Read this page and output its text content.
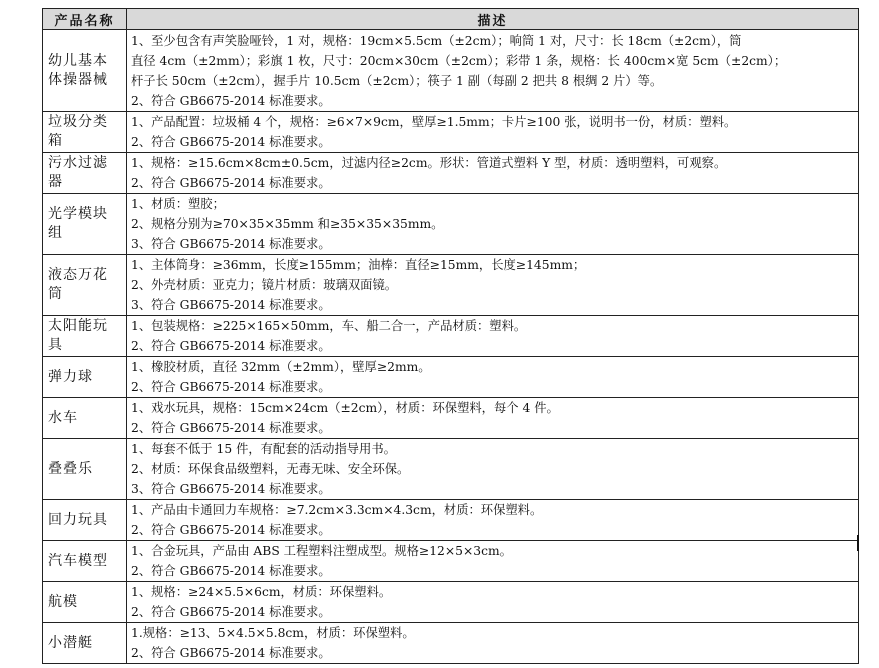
产品名称	描述
幼儿基本
体操器械	1、至少包含有声笑脸哑铃，1 对，规格：19cm×5.5cm（±2cm）；响筒 1 对，尺寸：长 18cm（±2cm），筒
直径 4cm（±2mm）；彩旗 1 枚，尺寸：20cm×30cm（±2cm）；彩带 1 条，规格：长 400cm×宽 5cm（±2cm）；
杆子长 50cm（±2cm），握手片 10.5cm（±2cm）；筷子 1 副（每副 2 把共 8 根绸 2 片）等。
2、符合 GB6675-2014 标准要求。

垃圾分类
箱	1、产品配置：垃圾桶 4 个，规格：≥6×7×9cm，壁厚≥1.5mm；卡片≥100 张，说明书一份，材质：塑料。
2、符合 GB6675-2014 标准要求。

污水过滤
器	1、规格：≥15.6cm×8cm±0.5cm，过滤内径≥2cm。形状：管道式塑料 Y 型，材质：透明塑料，可观察。
2、符合 GB6675-2014 标准要求。

光学模块
组	1、材质：塑胶；
2、规格分别为≥70×35×35mm 和≥35×35×35mm。
3、符合 GB6675-2014 标准要求。

液态万花
筒	1、主体筒身：≥36mm，长度≥155mm；油棒：直径≥15mm，长度≥145mm；
2、外壳材质：亚克力；镜片材质：玻璃双面镜。
3、符合 GB6675-2014 标准要求。

太阳能玩
具	1、包装规格：≥225×165×50mm，车、船二合一，产品材质：塑料。
2、符合 GB6675-2014 标准要求。

弹力球	1、橡胶材质，直径 32mm（±2mm），壁厚≥2mm。
2、符合 GB6675-2014 标准要求。

水车	1、戏水玩具，规格：15cm×24cm（±2cm），材质：环保塑料，每个 4 件。
2、符合 GB6675-2014 标准要求。

叠叠乐	1、每套不低于 15 件，有配套的活动指导用书。
2、材质：环保食品级塑料，无毒无味、安全环保。
3、符合 GB6675-2014 标准要求。

回力玩具	1、产品由卡通回力车规格：≥7.2cm×3.3cm×4.3cm，材质：环保塑料。
2、符合 GB6675-2014 标准要求。

汽车模型	1、合金玩具，产品由 ABS 工程塑料注塑成型。规格≥12×5×3cm。
2、符合 GB6675-2014 标准要求。

航模	1、规格：≥24×5.5×6cm，材质：环保塑料。
2、符合 GB6675-2014 标准要求。

小潜艇	1.规格：≥13、5×4.5×5.8cm，材质：环保塑料。
2、符合 GB6675-2014 标准要求。
